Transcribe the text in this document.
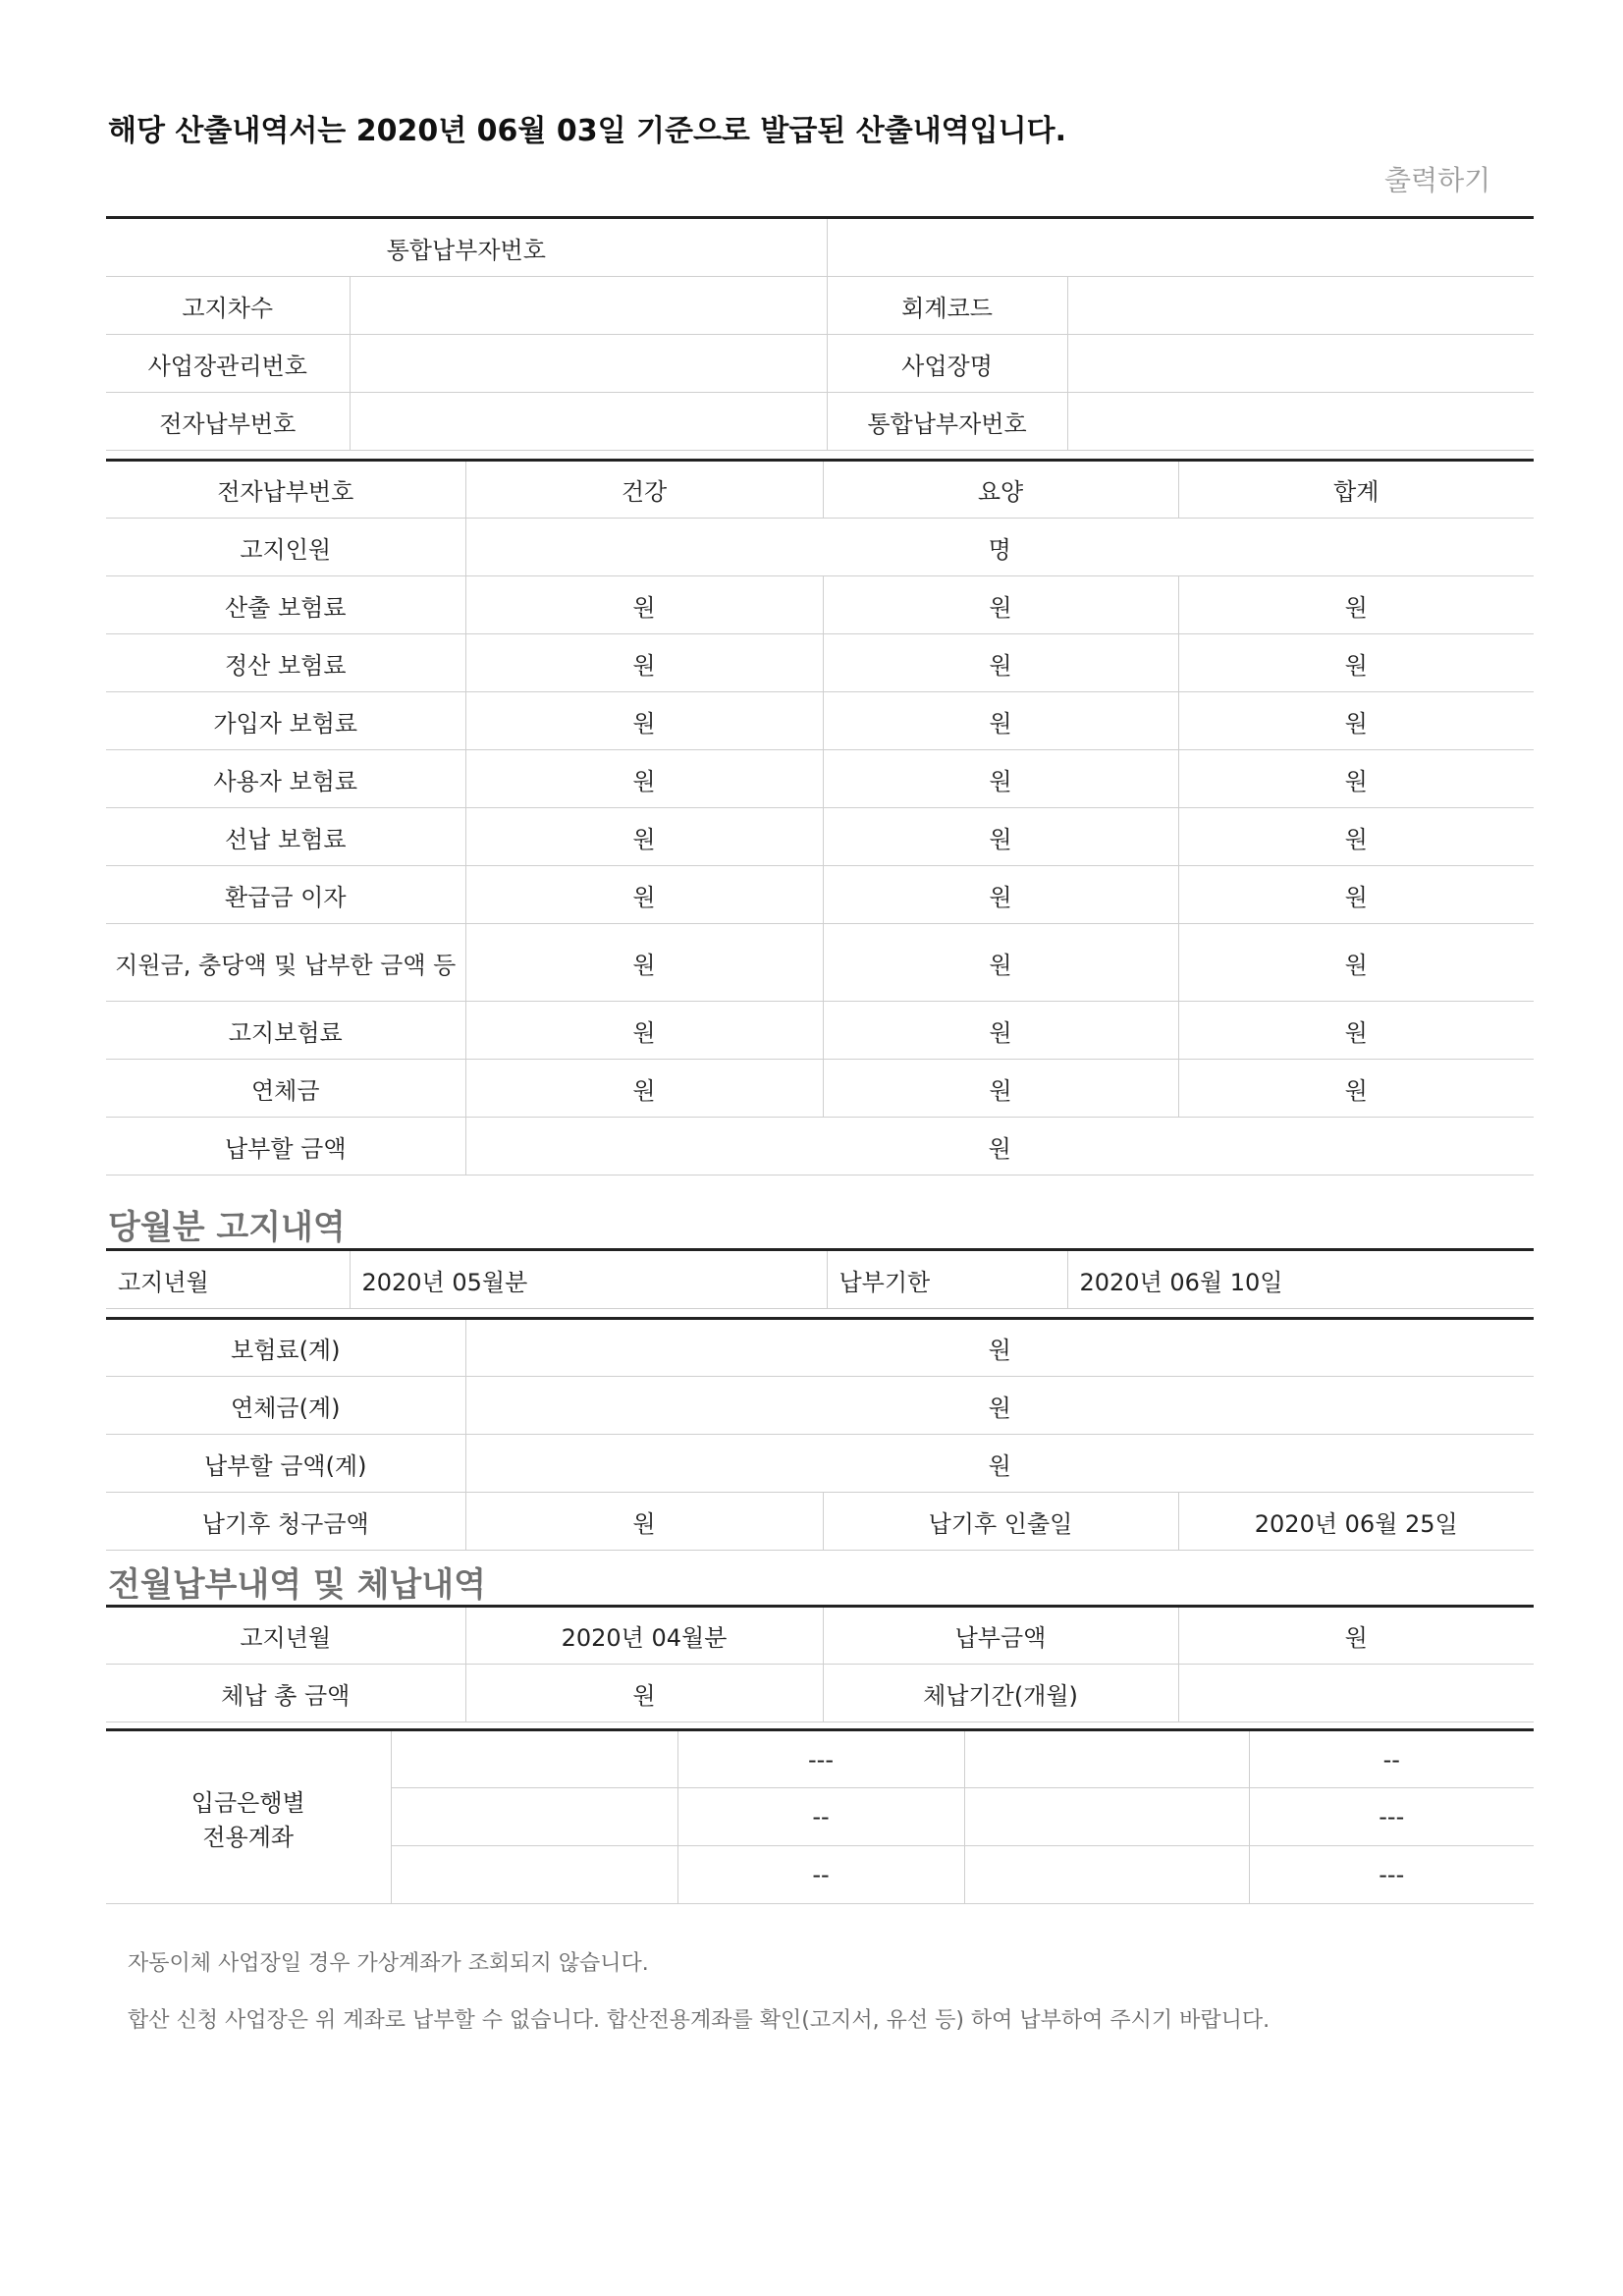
해당 산출내역서는 2020년 06월 03일 기준으로 발급된 산출내역입니다.
출력하기
통합납부자번호			
고지차수		회계코드	
사업장관리번호		사업장명	
전자납부번호		통합납부자번호	
전자납부번호	건강	요양	합계
고지인원	명		
산출 보험료	원	원	원
정산 보험료	원	원	원
가입자 보험료	원	원	원
사용자 보험료	원	원	원
선납 보험료	원	원	원
환급금 이자	원	원	원
지원금, 충당액 및 납부한 금액 등	원	원	원
고지보험료	원	원	원
연체금	원	원	원
납부할 금액	원		
당월분 고지내역
고지년월	2020년 05월분	납부기한	2020년 06월 10일
보험료(계)	원		
연체금(계)	원		
납부할 금액(계)	원		
납기후 청구금액	원	납기후 인출일	2020년 06월 25일
전월납부내역 및 체납내역
고지년월	2020년 04월분	납부금액	원
체납 총 금액	원	체납기간(개월)	
입금은행별
전용계좌		---		--
		--		---
		--		---
자동이체 사업장일 경우 가상계좌가 조회되지 않습니다.
합산 신청 사업장은 위 계좌로 납부할 수 없습니다. 합산전용계좌를 확인(고지서, 유선 등) 하여 납부하여 주시기 바랍니다.
